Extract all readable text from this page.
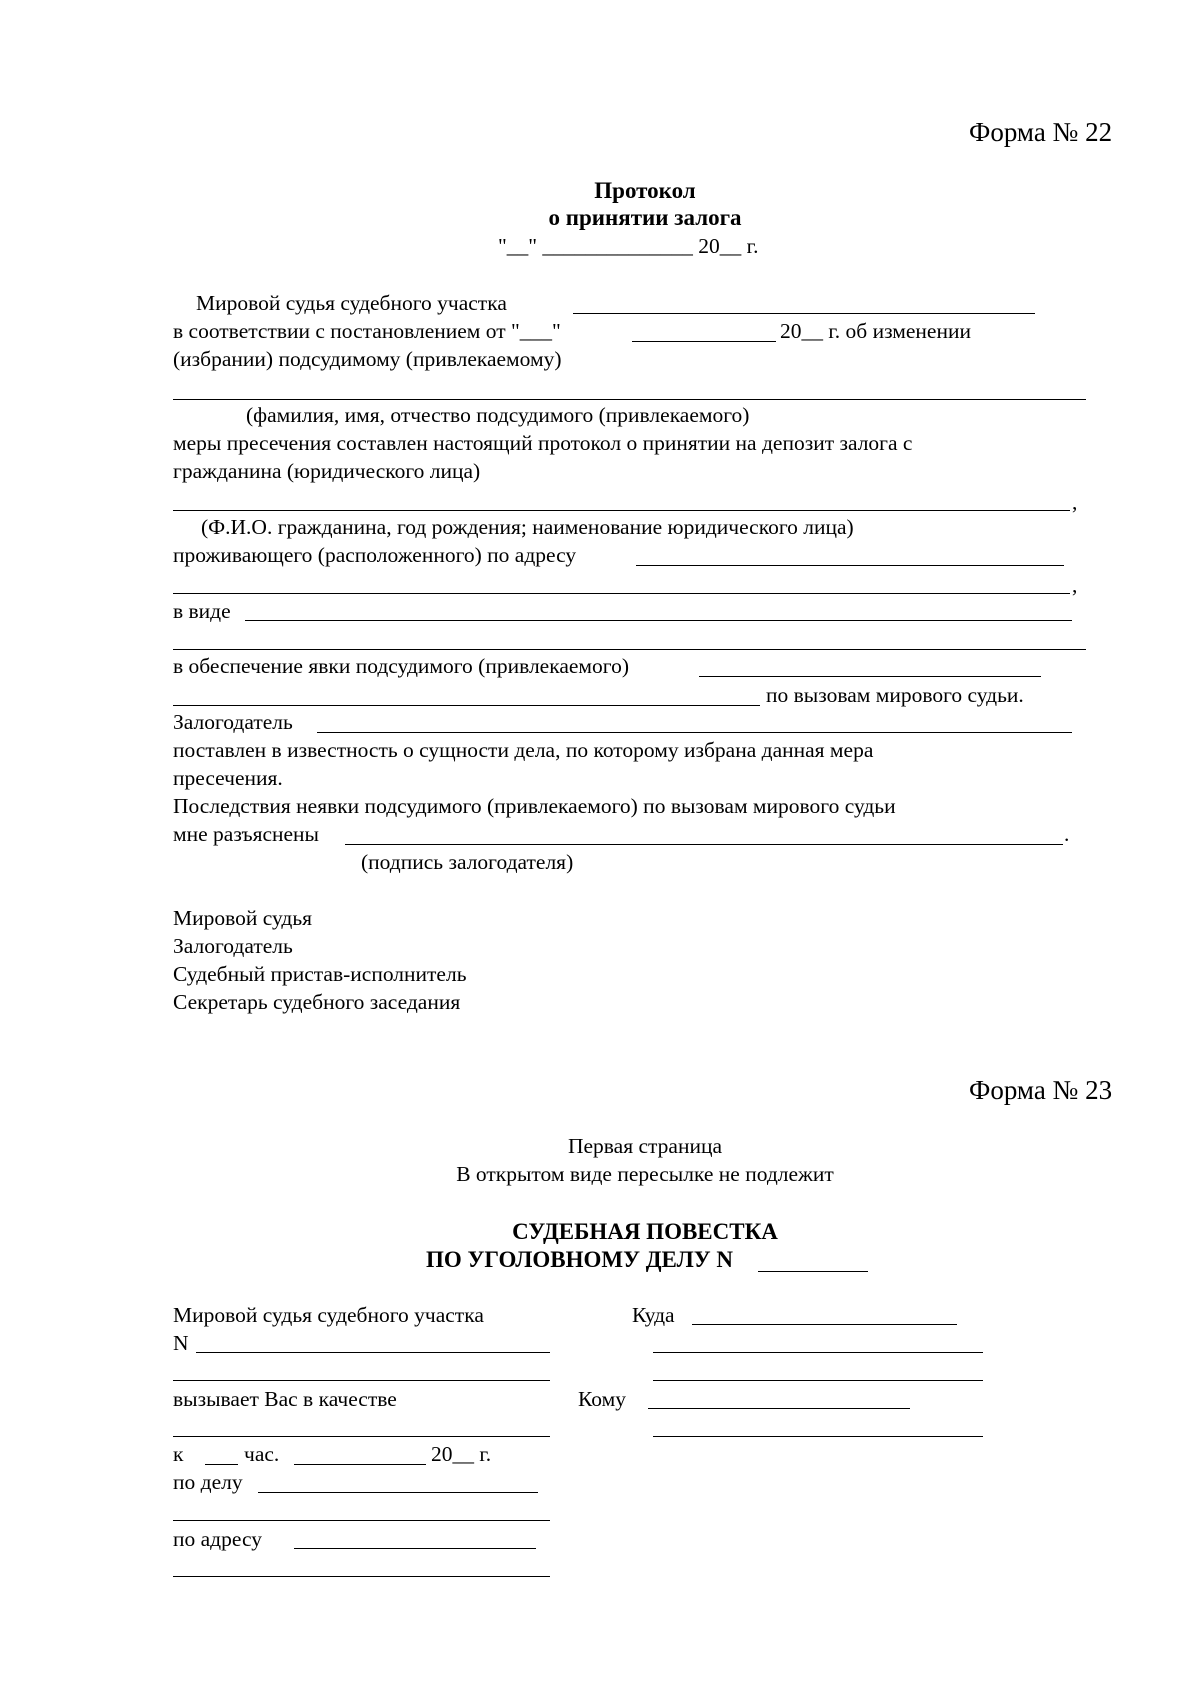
Форма № 22
Протокол
о принятии залога
"__" ______________ 20__ г.
Мировой судья судебного участка
в соответствии с постановлением от "___"	20__ г. об изменении
(избрании) подсудимому (привлекаемому)
(фамилия, имя, отчество подсудимого (привлекаемого)
меры пресечения составлен настоящий протокол о принятии на депозит залога с
гражданина (юридического лица)
,
(Ф.И.О. гражданина, год рождения; наименование юридического лица)
проживающего (расположенного) по адресу
,
в виде
в обеспечение явки подсудимого (привлекаемого)
по вызовам мирового судьи.
Залогодатель
поставлен в известность о сущности дела, по которому избрана данная мера
пресечения.
Последствия неявки подсудимого (привлекаемого) по вызовам мирового судьи
мне разъяснены	.
(подпись залогодателя)
Мировой судья
Залогодатель
Судебный пристав-исполнитель
Секретарь судебного заседания
Форма № 23
Первая страница
В открытом виде пересылке не подлежит
СУДЕБНАЯ ПОВЕСТКА
ПО УГОЛОВНОМУ ДЕЛУ N
Мировой судья судебного участка
N
вызывает Вас в качестве
к	час.	20__ г.
по делу
по адресу
Куда
Кому
